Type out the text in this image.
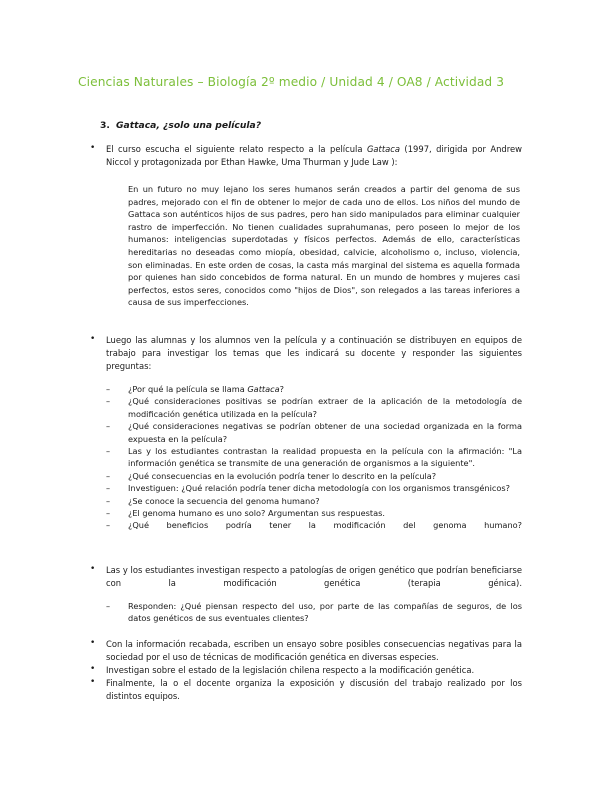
Ciencias Naturales – Biología 2º medio / Unidad 4 / OA8 / Actividad 3
3. Gattaca, ¿solo una película?
• El curso escucha el siguiente relato respecto a la película Gattaca (1997, dirigida por Andrew Niccol y protagonizada por Ethan Hawke, Uma Thurman y Jude Law ):
En un futuro no muy lejano los seres humanos serán creados a partir del genoma de sus padres, mejorado con el fin de obtener lo mejor de cada uno de ellos. Los niños del mundo de Gattaca son auténticos hijos de sus padres, pero han sido manipulados para eliminar cualquier rastro de imperfección. No tienen cualidades suprahumanas, pero poseen lo mejor de los humanos: inteligencias superdotadas y físicos perfectos. Además de ello, características hereditarias no deseadas como miopía, obesidad, calvicie, alcoholismo o, incluso, violencia, son eliminadas. En este orden de cosas, la casta más marginal del sistema es aquella formada por quienes han sido concebidos de forma natural. En un mundo de hombres y mujeres casi perfectos, estos seres, conocidos como "hijos de Dios", son relegados a las tareas inferiores a causa de sus imperfecciones.
• Luego las alumnas y los alumnos ven la película y a continuación se distribuyen en equipos de trabajo para investigar los temas que les indicará su docente y responder las siguientes preguntas:
– ¿Por qué la película se llama Gattaca?
– ¿Qué consideraciones positivas se podrían extraer de la aplicación de la metodología de modificación genética utilizada en la película?
– ¿Qué consideraciones negativas se podrían obtener de una sociedad organizada en la forma expuesta en la película?
– Las y los estudiantes contrastan la realidad propuesta en la película con la afirmación: "La información genética se transmite de una generación de organismos a la siguiente".
– ¿Qué consecuencias en la evolución podría tener lo descrito en la película?
– Investiguen: ¿Qué relación podría tener dicha metodología con los organismos transgénicos?
– ¿Se conoce la secuencia del genoma humano?
– ¿El genoma humano es uno solo? Argumentan sus respuestas.
– ¿Qué beneficios podría tener la modificación del genoma humano?
• Las y los estudiantes investigan respecto a patologías de origen genético que podrían beneficiarse con la modificación genética (terapia génica).
– Responden: ¿Qué piensan respecto del uso, por parte de las compañías de seguros, de los datos genéticos de sus eventuales clientes?
• Con la información recabada, escriben un ensayo sobre posibles consecuencias negativas para la sociedad por el uso de técnicas de modificación genética en diversas especies.
• Investigan sobre el estado de la legislación chilena respecto a la modificación genética.
• Finalmente, la o el docente organiza la exposición y discusión del trabajo realizado por los distintos equipos.
